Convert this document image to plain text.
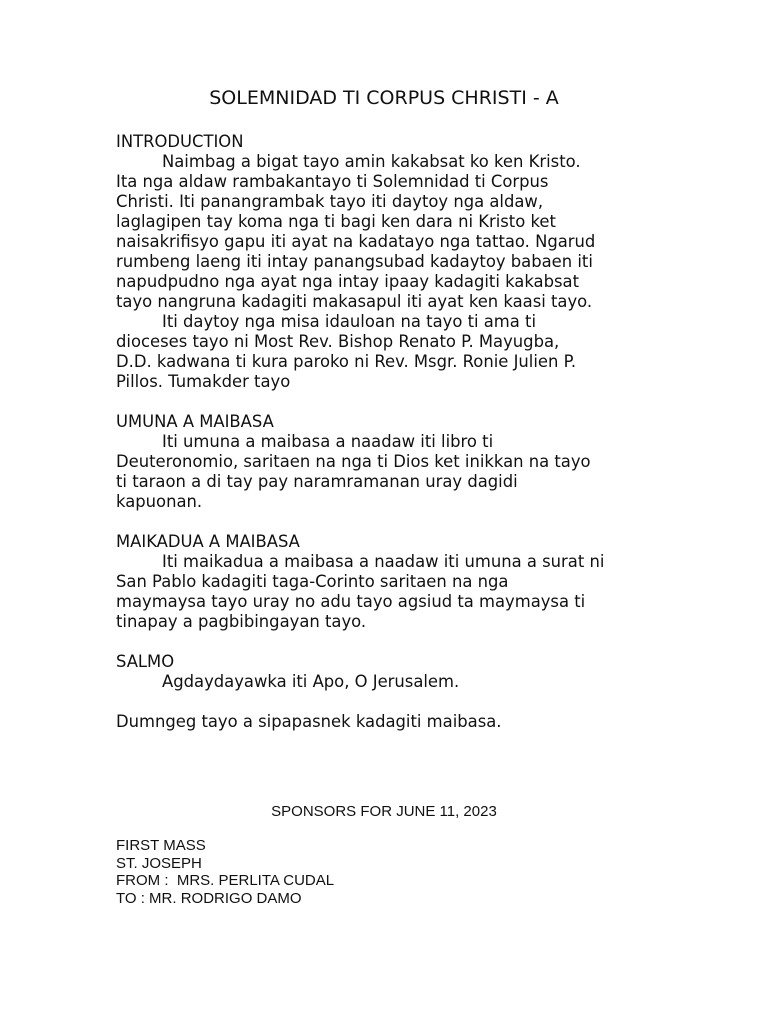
SOLEMNIDAD TI CORPUS CHRISTI - A
INTRODUCTION
Naimbag a bigat tayo amin kakabsat ko ken Kristo.
Ita nga aldaw rambakantayo ti Solemnidad ti Corpus
Christi. Iti panangrambak tayo iti daytoy nga aldaw,
laglagipen tay koma nga ti bagi ken dara ni Kristo ket
naisakrifisyo gapu iti ayat na kadatayo nga tattao. Ngarud
rumbeng laeng iti intay panangsubad kadaytoy babaen iti
napudpudno nga ayat nga intay ipaay kadagiti kakabsat
tayo nangruna kadagiti makasapul iti ayat ken kaasi tayo.
Iti daytoy nga misa idauloan na tayo ti ama ti
dioceses tayo ni Most Rev. Bishop Renato P. Mayugba,
D.D. kadwana ti kura paroko ni Rev. Msgr. Ronie Julien P.
Pillos. Tumakder tayo
UMUNA A MAIBASA
Iti umuna a maibasa a naadaw iti libro ti
Deuteronomio, saritaen na nga ti Dios ket inikkan na tayo
ti taraon a di tay pay naramramanan uray dagidi
kapuonan.
MAIKADUA A MAIBASA
Iti maikadua a maibasa a naadaw iti umuna a surat ni
San Pablo kadagiti taga-Corinto saritaen na nga
maymaysa tayo uray no adu tayo agsiud ta maymaysa ti
tinapay a pagbibingayan tayo.
SALMO
Agdaydayawka iti Apo, O Jerusalem.
Dumngeg tayo a sipapasnek kadagiti maibasa.
SPONSORS FOR JUNE 11, 2023
FIRST MASS
ST. JOSEPH
FROM :  MRS. PERLITA CUDAL
TO : MR. RODRIGO DAMO
